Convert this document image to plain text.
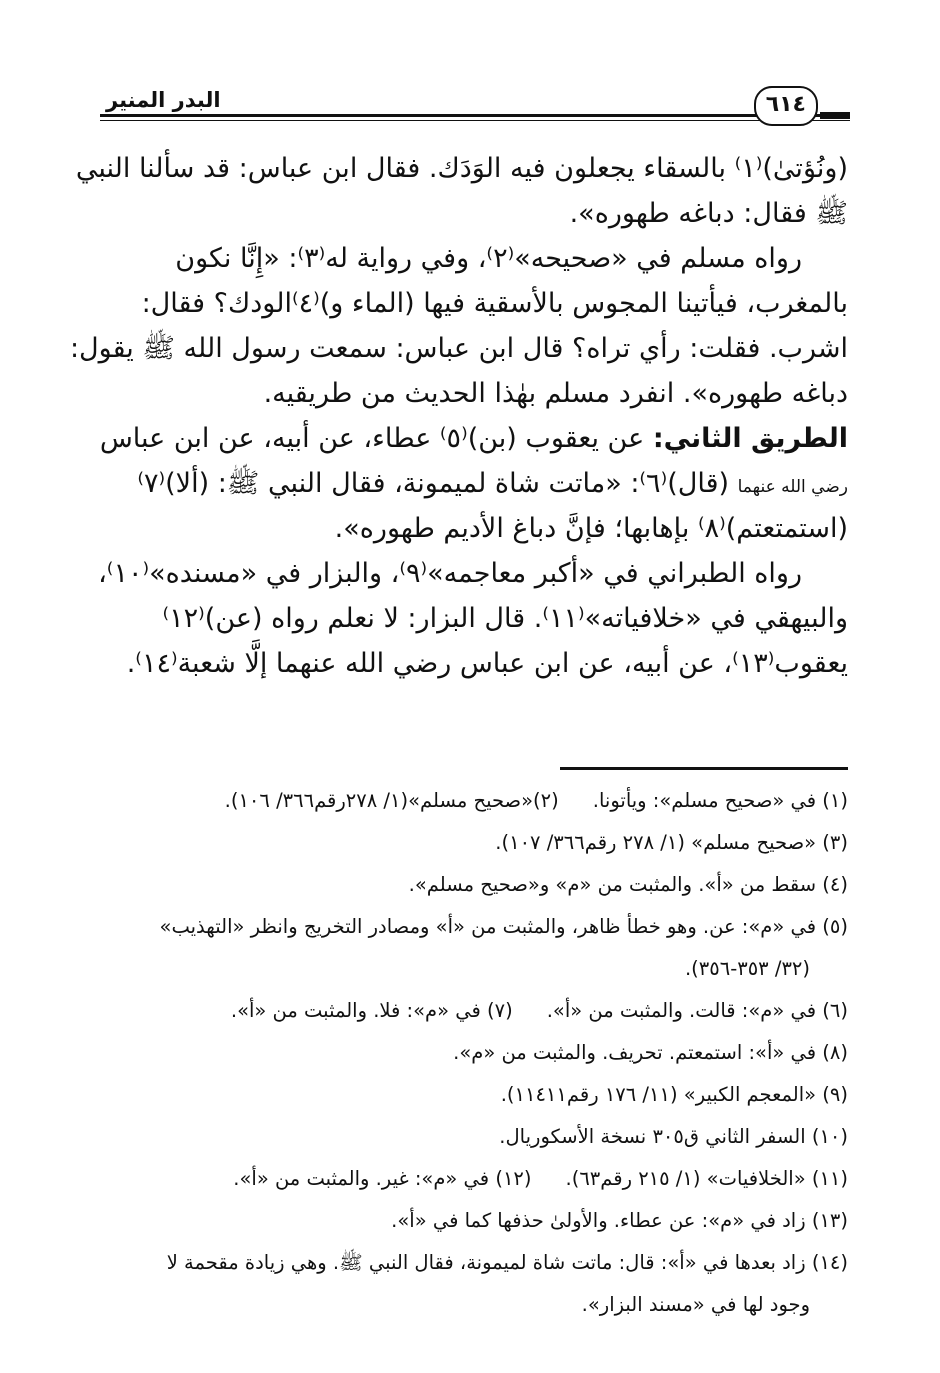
٦١٤
البدر المنير
(ونُؤتىٰ)⁽١⁾ بالسقاء يجعلون فيه الوَدَك. فقال ابن عباس: قد سألنا النبي
ﷺ فقال: دباغه طهوره».
رواه مسلم في «صحيحه»⁽٢⁾، وفي رواية له⁽٣⁾: «إِنَّا نكون
بالمغرب، فيأتينا المجوس بالأسقية فيها (الماء و)⁽٤⁾الودك؟ فقال:
اشرب. فقلت: رأي تراه؟ قال ابن عباس: سمعت رسول الله ﷺ يقول:
دباغه طهوره». انفرد مسلم بهٰذا الحديث من طريقيه.
الطريق الثاني: عن يعقوب (بن)⁽٥⁾ عطاء، عن أبيه، عن ابن عباس
رضي الله عنهما (قال)⁽٦⁾: «ماتت شاة لميمونة، فقال النبي ﷺ: (ألا)⁽٧⁾
(استمتعتم)⁽٨⁾ بإهابها؛ فإنَّ دباغ الأديم طهوره».
رواه الطبراني في «أكبر معاجمه»⁽٩⁾، والبزار في «مسنده»⁽١٠⁾،
والبيهقي في «خلافياته»⁽١١⁾. قال البزار: لا نعلم رواه (عن)⁽١٢⁾
يعقوب⁽١٣⁾، عن أبيه، عن ابن عباس رضي الله عنهما إلَّا شعبة⁽١٤⁾.
(١) في «صحيح مسلم»: ويأتونا.
(٢)«صحيح مسلم»(١/ ٢٧٨رقم٣٦٦/ ١٠٦).
(٣) «صحيح مسلم» (١/ ٢٧٨ رقم٣٦٦/ ١٠٧).
(٤) سقط من «أ». والمثبت من «م» و«صحيح مسلم».
(٥) في «م»: عن. وهو خطأ ظاهر، والمثبت من «أ» ومصادر التخريج وانظر «التهذيب»
(٣٢/ ٣٥٣-٣٥٦).
(٦) في «م»: قالت. والمثبت من «أ».
(٧) في «م»: فلا. والمثبت من «أ».
(٨) في «أ»: استمعتم. تحريف. والمثبت من «م».
(٩) «المعجم الكبير» (١١/ ١٧٦ رقم١١٤١١).
(١٠) السفر الثاني ق٣٠٥ نسخة الأسكوريال.
(١١) «الخلافيات» (١/ ٢١٥ رقم٦٣).
(١٢) في «م»: غير. والمثبت من «أ».
(١٣) زاد في «م»: عن عطاء. والأولىٰ حذفها كما في «أ».
(١٤) زاد بعدها في «أ»: قال: ماتت شاة لميمونة، فقال النبي ﷺ. وهي زيادة مقحمة لا
وجود لها في «مسند البزار».
